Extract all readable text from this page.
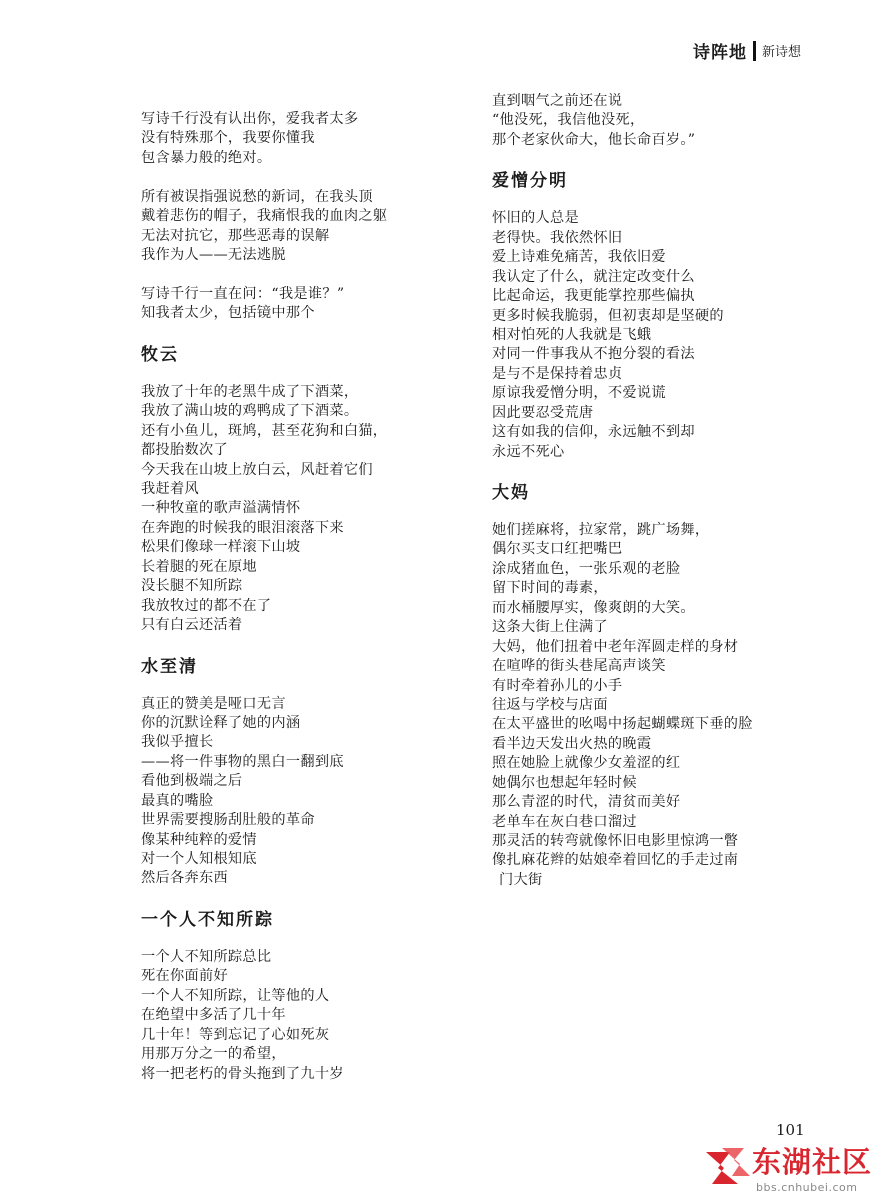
诗阵地 新诗想
写诗千行没有认出你，爱我者太多
没有特殊那个，我要你懂我
包含暴力般的绝对。
所有被误指强说愁的新词，在我头顶
戴着悲伤的帽子，我痛恨我的血肉之躯
无法对抗它，那些恶毒的误解
我作为人——无法逃脱
写诗千行一直在问：“我是谁？”
知我者太少，包括镜中那个
牧云
我放了十年的老黑牛成了下酒菜，
我放了满山坡的鸡鸭成了下酒菜。
还有小鱼儿，斑鸠，甚至花狗和白猫，
都投胎数次了
今天我在山坡上放白云，风赶着它们
我赶着风
一种牧童的歌声溢满情怀
在奔跑的时候我的眼泪滚落下来
松果们像球一样滚下山坡
长着腿的死在原地
没长腿不知所踪
我放牧过的都不在了
只有白云还活着
水至清
真正的赞美是哑口无言
你的沉默诠释了她的内涵
我似乎擅长
——将一件事物的黑白一翻到底
看他到极端之后
最真的嘴脸
世界需要搜肠刮肚般的革命
像某种纯粹的爱情
对一个人知根知底
然后各奔东西
一个人不知所踪
一个人不知所踪总比
死在你面前好
一个人不知所踪，让等他的人
在绝望中多活了几十年
几十年！等到忘记了心如死灰
用那万分之一的希望，
将一把老朽的骨头拖到了九十岁
直到咽气之前还在说
“他没死，我信他没死，
那个老家伙命大，他长命百岁。”
爱憎分明
怀旧的人总是
老得快。我依然怀旧
爱上诗难免痛苦，我依旧爱
我认定了什么，就注定改变什么
比起命运，我更能掌控那些偏执
更多时候我脆弱，但初衷却是坚硬的
相对怕死的人我就是飞蛾
对同一件事我从不抱分裂的看法
是与不是保持着忠贞
原谅我爱憎分明，不爱说谎
因此要忍受荒唐
这有如我的信仰，永远触不到却
永远不死心
大妈
她们搓麻将，拉家常，跳广场舞，
偶尔买支口红把嘴巴
涂成猪血色，一张乐观的老脸
留下时间的毒素，
而水桶腰厚实，像爽朗的大笑。
这条大街上住满了
大妈，他们扭着中老年浑圆走样的身材
在喧哗的街头巷尾高声谈笑
有时牵着孙儿的小手
往返与学校与店面
在太平盛世的吆喝中扬起蝴蝶斑下垂的脸
看半边天发出火热的晚霞
照在她脸上就像少女羞涩的红
她偶尔也想起年轻时候
那么青涩的时代，清贫而美好
老单车在灰白巷口溜过
那灵活的转弯就像怀旧电影里惊鸿一瞥
像扎麻花辫的姑娘牵着回忆的手走过南
门大街
101
东湖社区
bbs.cnhubei.com
